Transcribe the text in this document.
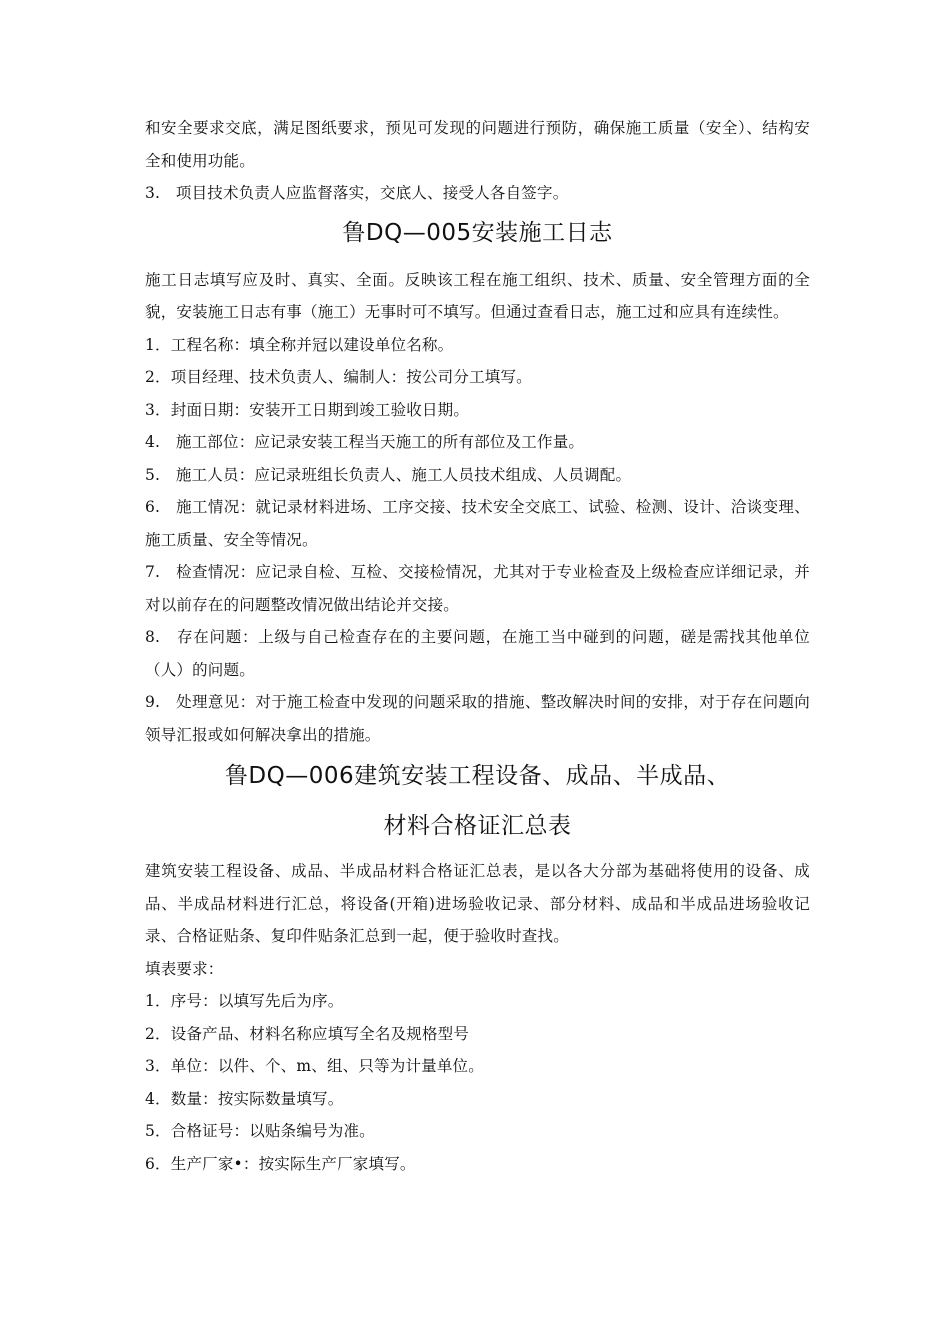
和安全要求交底，满足图纸要求，预见可发现的问题进行预防，确保施工质量（安全）、结构安全和使用功能。

3.　项目技术负责人应监督落实，交底人、接受人各自签字。

鲁DQ—005安装施工日志

施工日志填写应及时、真实、全面。反映该工程在施工组织、技术、质量、安全管理方面的全貌，安装施工日志有事（施工）无事时可不填写。但通过查看日志，施工过和应具有连续性。

1．工程名称：填全称并冠以建设单位名称。

2．项目经理、技术负责人、编制人：按公司分工填写。

3．封面日期：安装开工日期到竣工验收日期。

4.　施工部位：应记录安装工程当天施工的所有部位及工作量。

5.　施工人员：应记录班组长负责人、施工人员技术组成、人员调配。

6.　施工情况：就记录材料进场、工序交接、技术安全交底工、试验、检测、设计、洽谈变理、施工质量、安全等情况。

7.　检查情况：应记录自检、互检、交接检情况，尤其对于专业检查及上级检查应详细记录，并对以前存在的问题整改情况做出结论并交接。

8.　存在问题：上级与自己检查存在的主要问题，在施工当中碰到的问题，磋是需找其他单位（人）的问题。

9.　处理意见：对于施工检查中发现的问题采取的措施、整改解决时间的安排，对于存在问题向领导汇报或如何解决拿出的措施。

鲁DQ—006建筑安装工程设备、成品、半成品、
材料合格证汇总表

建筑安装工程设备、成品、半成品材料合格证汇总表，是以各大分部为基础将使用的设备、成品、半成品材料进行汇总，将设备(开箱)进场验收记录、部分材料、成品和半成品进场验收记录、合格证贴条、复印件贴条汇总到一起，便于验收时查找。

填表要求：

1．序号：以填写先后为序。

2．设备产品、材料名称应填写全名及规格型号

3．单位：以件、个、m、组、只等为计量单位。

4．数量：按实际数量填写。

5．合格证号：以贴条编号为准。

6．生产厂家•：按实际生产厂家填写。
